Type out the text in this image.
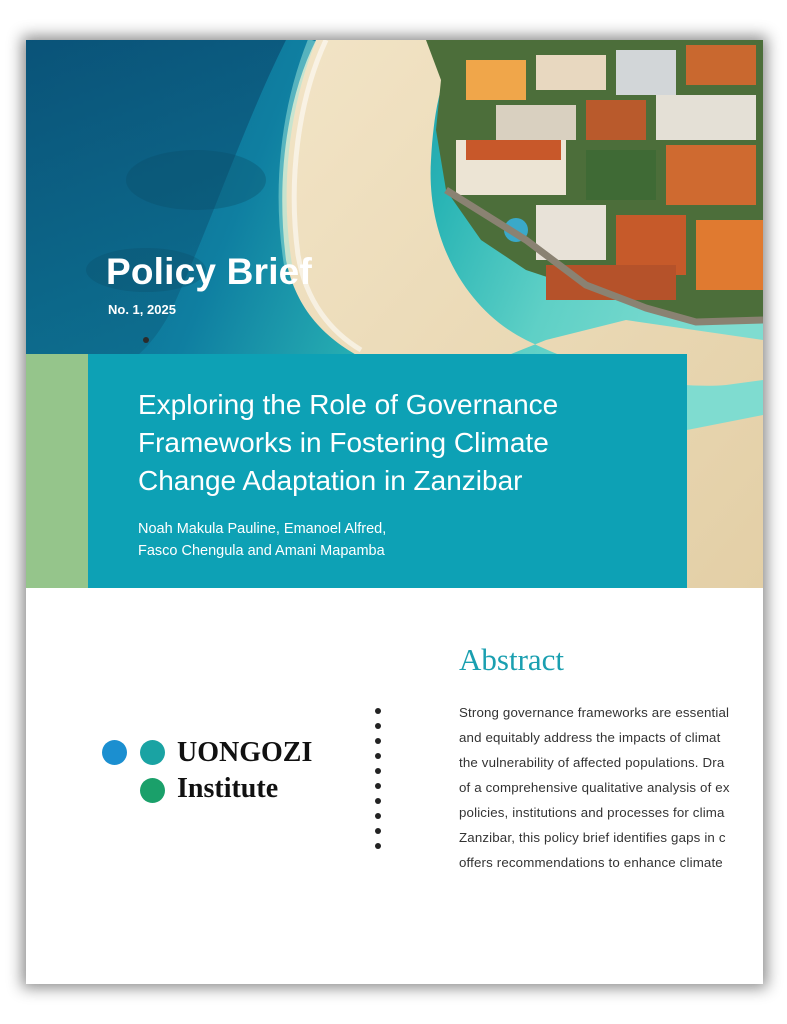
Policy Brief
No. 1, 2025
Exploring the Role of Governance
Frameworks in Fostering Climate
Change Adaptation in Zanzibar
Noah Makula Pauline, Emanoel Alfred,
Fasco Chengula and Amani Mapamba
UONGOZI
Institute
Abstract
Strong governance frameworks are essential
and equitably address the impacts of climat
the vulnerability of affected populations. Dra
of a comprehensive qualitative analysis of ex
policies, institutions and processes for clima
Zanzibar, this policy brief identifies gaps in c
offers recommendations to enhance climate
